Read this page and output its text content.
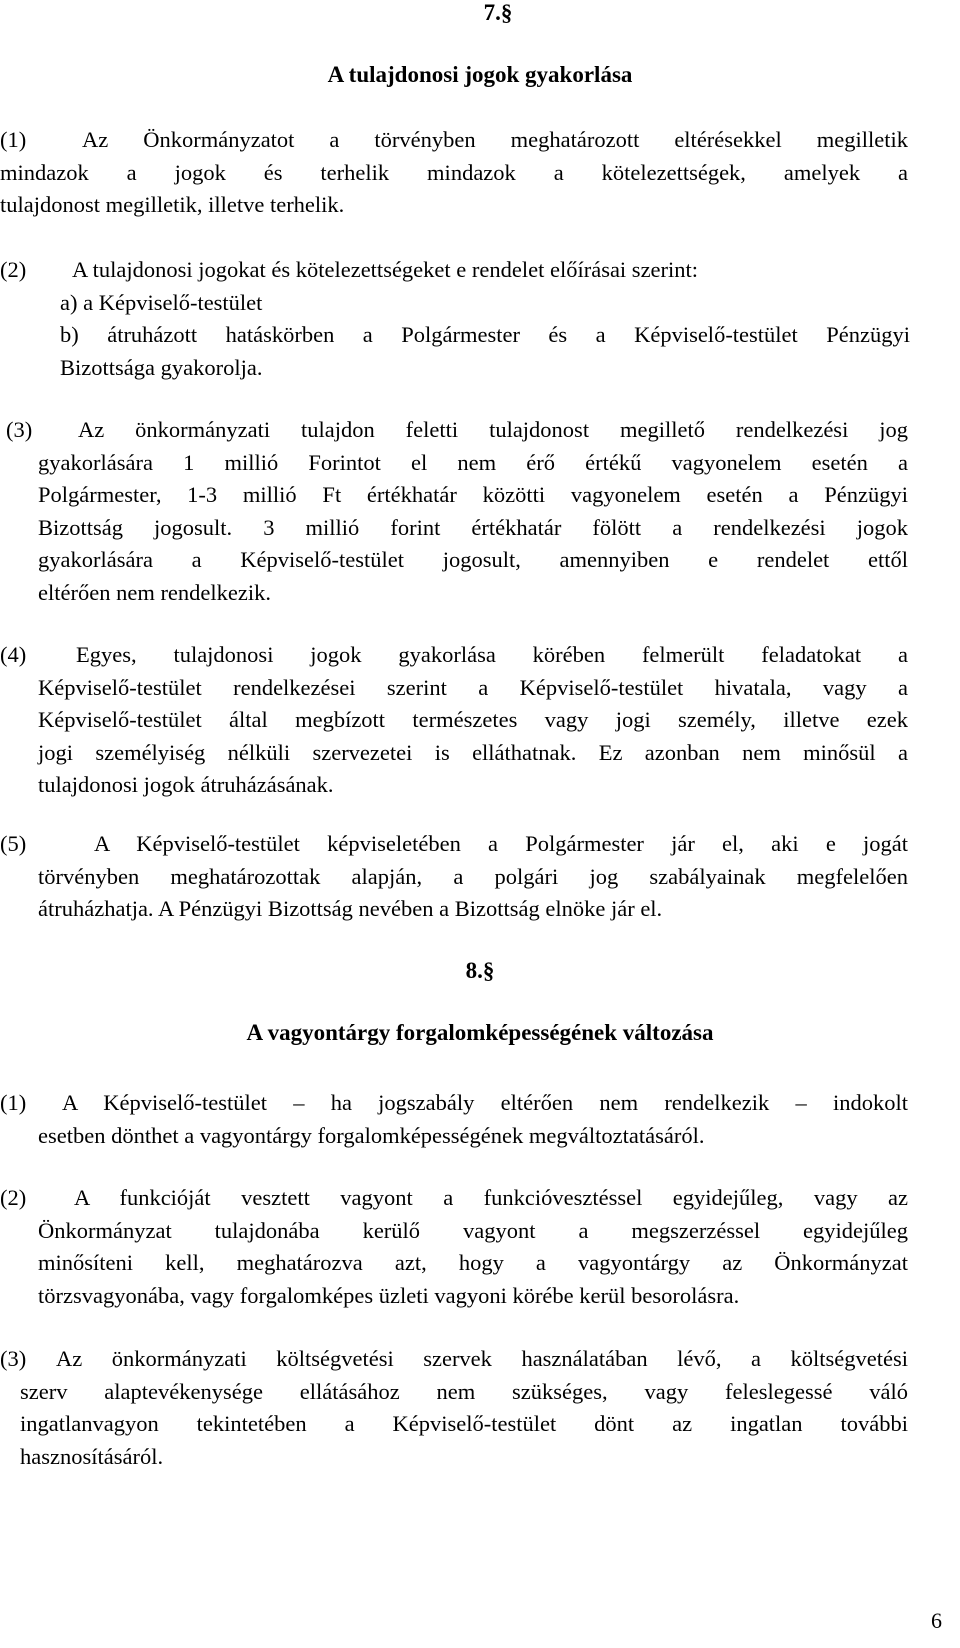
7.§
A tulajdonosi jogok gyakorlása
(1) Az Önkormányzatot a törvényben meghatározott eltérésekkel megilletik
mindazok a jogok és terhelik mindazok a kötelezettségek, amelyek a
tulajdonost megilletik, illetve terhelik.
(2) A tulajdonosi jogokat és kötelezettségeket e rendelet előírásai szerint:
a) a Képviselő-testület
b) átruházott hatáskörben a Polgármester és a Képviselő-testület Pénzügyi
Bizottsága gyakorolja.
(3) Az önkormányzati tulajdon feletti tulajdonost megillető rendelkezési jog
gyakorlására 1 millió Forintot el nem érő értékű vagyonelem esetén a
Polgármester, 1-3 millió Ft értékhatár közötti vagyonelem esetén a Pénzügyi
Bizottság jogosult. 3 millió forint értékhatár fölött a rendelkezési jogok
gyakorlására a Képviselő-testület jogosult, amennyiben e rendelet ettől
eltérően nem rendelkezik.
(4) Egyes, tulajdonosi jogok gyakorlása körében felmerült feladatokat a
Képviselő-testület rendelkezései szerint a Képviselő-testület hivatala, vagy a
Képviselő-testület által megbízott természetes vagy jogi személy, illetve ezek
jogi személyiség nélküli szervezetei is elláthatnak. Ez azonban nem minősül a
tulajdonosi jogok átruházásának.
(5)	A Képviselő-testület képviseletében a Polgármester jár el, aki e jogát
törvényben meghatározottak alapján, a polgári jog szabályainak megfelelően
átruházhatja. A Pénzügyi Bizottság nevében a Bizottság elnöke jár el.
8.§
A vagyontárgy forgalomképességének változása
(1) A Képviselő-testület – ha jogszabály eltérően nem rendelkezik – indokolt
esetben dönthet a vagyontárgy forgalomképességének megváltoztatásáról.
(2) A funkcióját vesztett vagyont a funkcióvesztéssel egyidejűleg, vagy az
Önkormányzat tulajdonába kerülő vagyont a megszerzéssel egyidejűleg
minősíteni kell, meghatározva azt, hogy a vagyontárgy az Önkormányzat
törzsvagyonába, vagy forgalomképes üzleti vagyoni körébe kerül besorolásra.
(3) Az önkormányzati költségvetési szervek használatában lévő, a költségvetési
szerv alaptevékenysége ellátásához nem szükséges, vagy feleslegessé váló
ingatlanvagyon tekintetében a Képviselő-testület dönt az ingatlan további
hasznosításáról.
6
